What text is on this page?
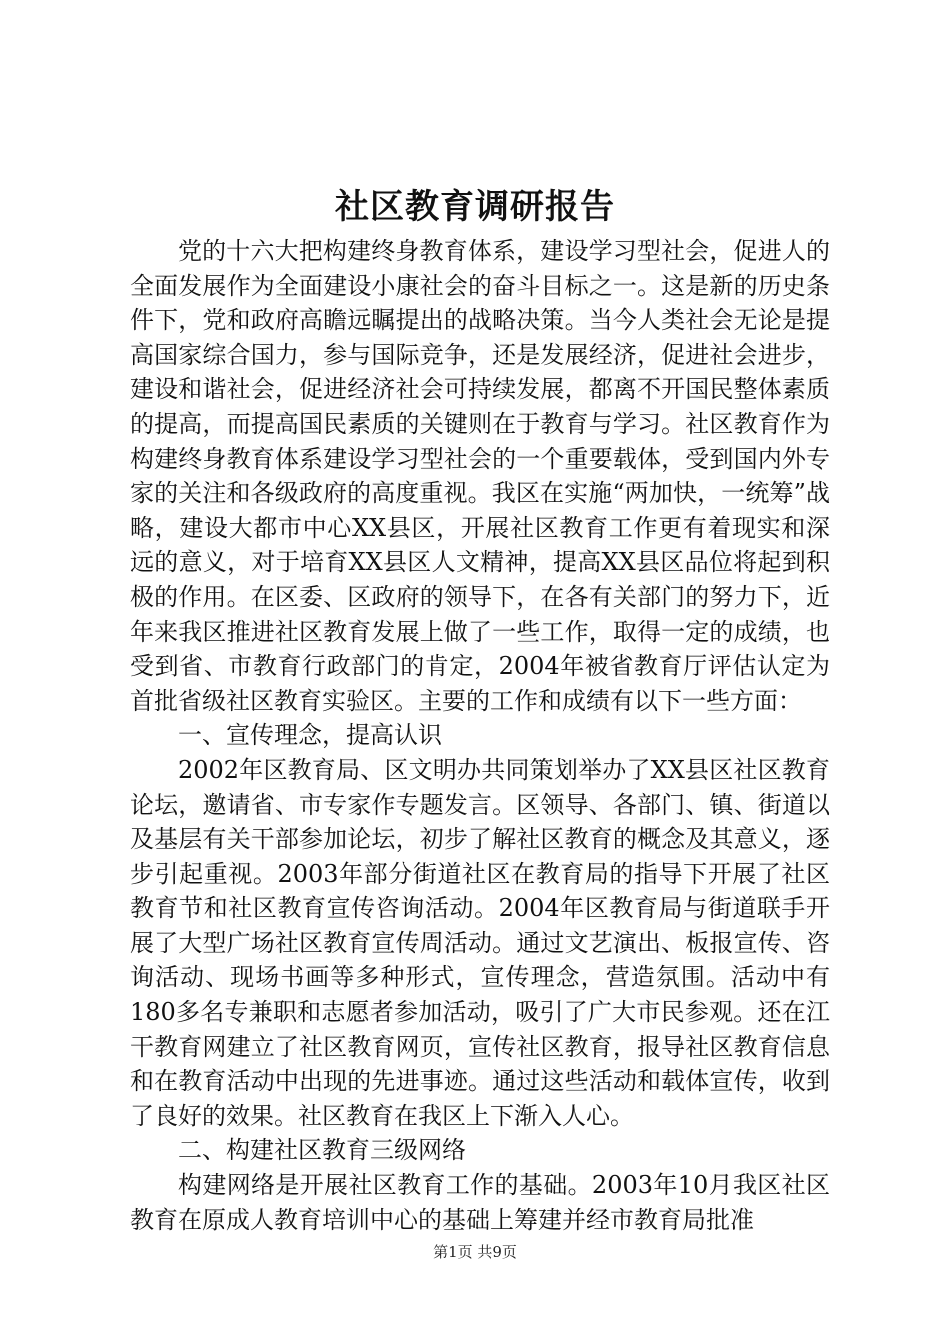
社区教育调研报告

党的十六大把构建终身教育体系，建设学习型社会，促进人的全面发展作为全面建设小康社会的奋斗目标之一。这是新的历史条件下，党和政府高瞻远瞩提出的战略决策。当今人类社会无论是提高国家综合国力，参与国际竞争，还是发展经济，促进社会进步，建设和谐社会，促进经济社会可持续发展，都离不开国民整体素质的提高，而提高国民素质的关键则在于教育与学习。社区教育作为构建终身教育体系建设学习型社会的一个重要载体，受到国内外专家的关注和各级政府的高度重视。我区在实施“两加快，一统筹”战略，建设大都市中心XX县区，开展社区教育工作更有着现实和深远的意义，对于培育XX县区人文精神，提高XX县区品位将起到积极的作用。在区委、区政府的领导下，在各有关部门的努力下，近年来我区推进社区教育发展上做了一些工作，取得一定的成绩，也受到省、市教育行政部门的肯定，2004年被省教育厅评估认定为首批省级社区教育实验区。主要的工作和成绩有以下一些方面：

一、宣传理念，提高认识

2002年区教育局、区文明办共同策划举办了XX县区社区教育论坛，邀请省、市专家作专题发言。区领导、各部门、镇、街道以及基层有关干部参加论坛，初步了解社区教育的概念及其意义，逐步引起重视。2003年部分街道社区在教育局的指导下开展了社区教育节和社区教育宣传咨询活动。2004年区教育局与街道联手开展了大型广场社区教育宣传周活动。通过文艺演出、板报宣传、咨询活动、现场书画等多种形式，宣传理念，营造氛围。活动中有180多名专兼职和志愿者参加活动，吸引了广大市民参观。还在江干教育网建立了社区教育网页，宣传社区教育，报导社区教育信息和在教育活动中出现的先进事迹。通过这些活动和载体宣传，收到了良好的效果。社区教育在我区上下渐入人心。

二、构建社区教育三级网络

构建网络是开展社区教育工作的基础。2003年10月我区社区教育在原成人教育培训中心的基础上筹建并经市教育局批准

第1页 共9页
